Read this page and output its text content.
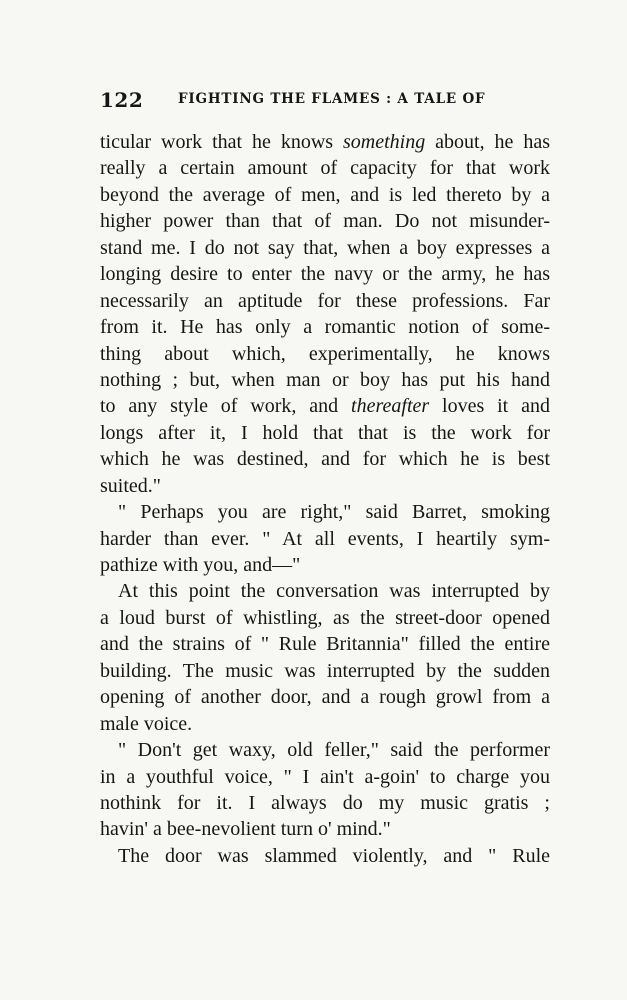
122	FIGHTING THE FLAMES : A TALE OF
ticular work that he knows something about, he has
really a certain amount of capacity for that work
beyond the average of men, and is led thereto by a
higher power than that of man. Do not misunder-
stand me. I do not say that, when a boy expresses a
longing desire to enter the navy or the army, he has
necessarily an aptitude for these professions. Far
from it. He has only a romantic notion of some-
thing about which, experimentally, he knows
nothing ; but, when man or boy has put his hand
to any style of work, and thereafter loves it and
longs after it, I hold that that is the work for
which he was destined, and for which he is best
suited."
" Perhaps you are right," said Barret, smoking
harder than ever. " At all events, I heartily sym-
pathize with you, and—"
At this point the conversation was interrupted by
a loud burst of whistling, as the street-door opened
and the strains of " Rule Britannia" filled the entire
building. The music was interrupted by the sudden
opening of another door, and a rough growl from a
male voice.
" Don't get waxy, old feller," said the performer
in a youthful voice, " I ain't a-goin' to charge you
nothink for it. I always do my music gratis ;
havin' a bee-nevolient turn o' mind."
The door was slammed violently, and " Rule
